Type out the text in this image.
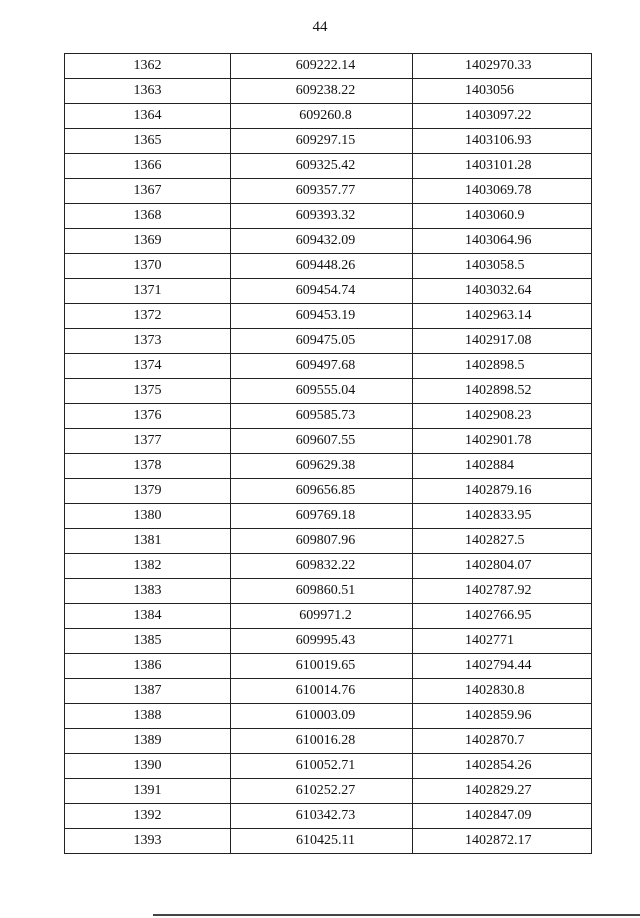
44
1362	609222.14	1402970.33
1363	609238.22	1403056
1364	609260.8	1403097.22
1365	609297.15	1403106.93
1366	609325.42	1403101.28
1367	609357.77	1403069.78
1368	609393.32	1403060.9
1369	609432.09	1403064.96
1370	609448.26	1403058.5
1371	609454.74	1403032.64
1372	609453.19	1402963.14
1373	609475.05	1402917.08
1374	609497.68	1402898.5
1375	609555.04	1402898.52
1376	609585.73	1402908.23
1377	609607.55	1402901.78
1378	609629.38	1402884
1379	609656.85	1402879.16
1380	609769.18	1402833.95
1381	609807.96	1402827.5
1382	609832.22	1402804.07
1383	609860.51	1402787.92
1384	609971.2	1402766.95
1385	609995.43	1402771
1386	610019.65	1402794.44
1387	610014.76	1402830.8
1388	610003.09	1402859.96
1389	610016.28	1402870.7
1390	610052.71	1402854.26
1391	610252.27	1402829.27
1392	610342.73	1402847.09
1393	610425.11	1402872.17
